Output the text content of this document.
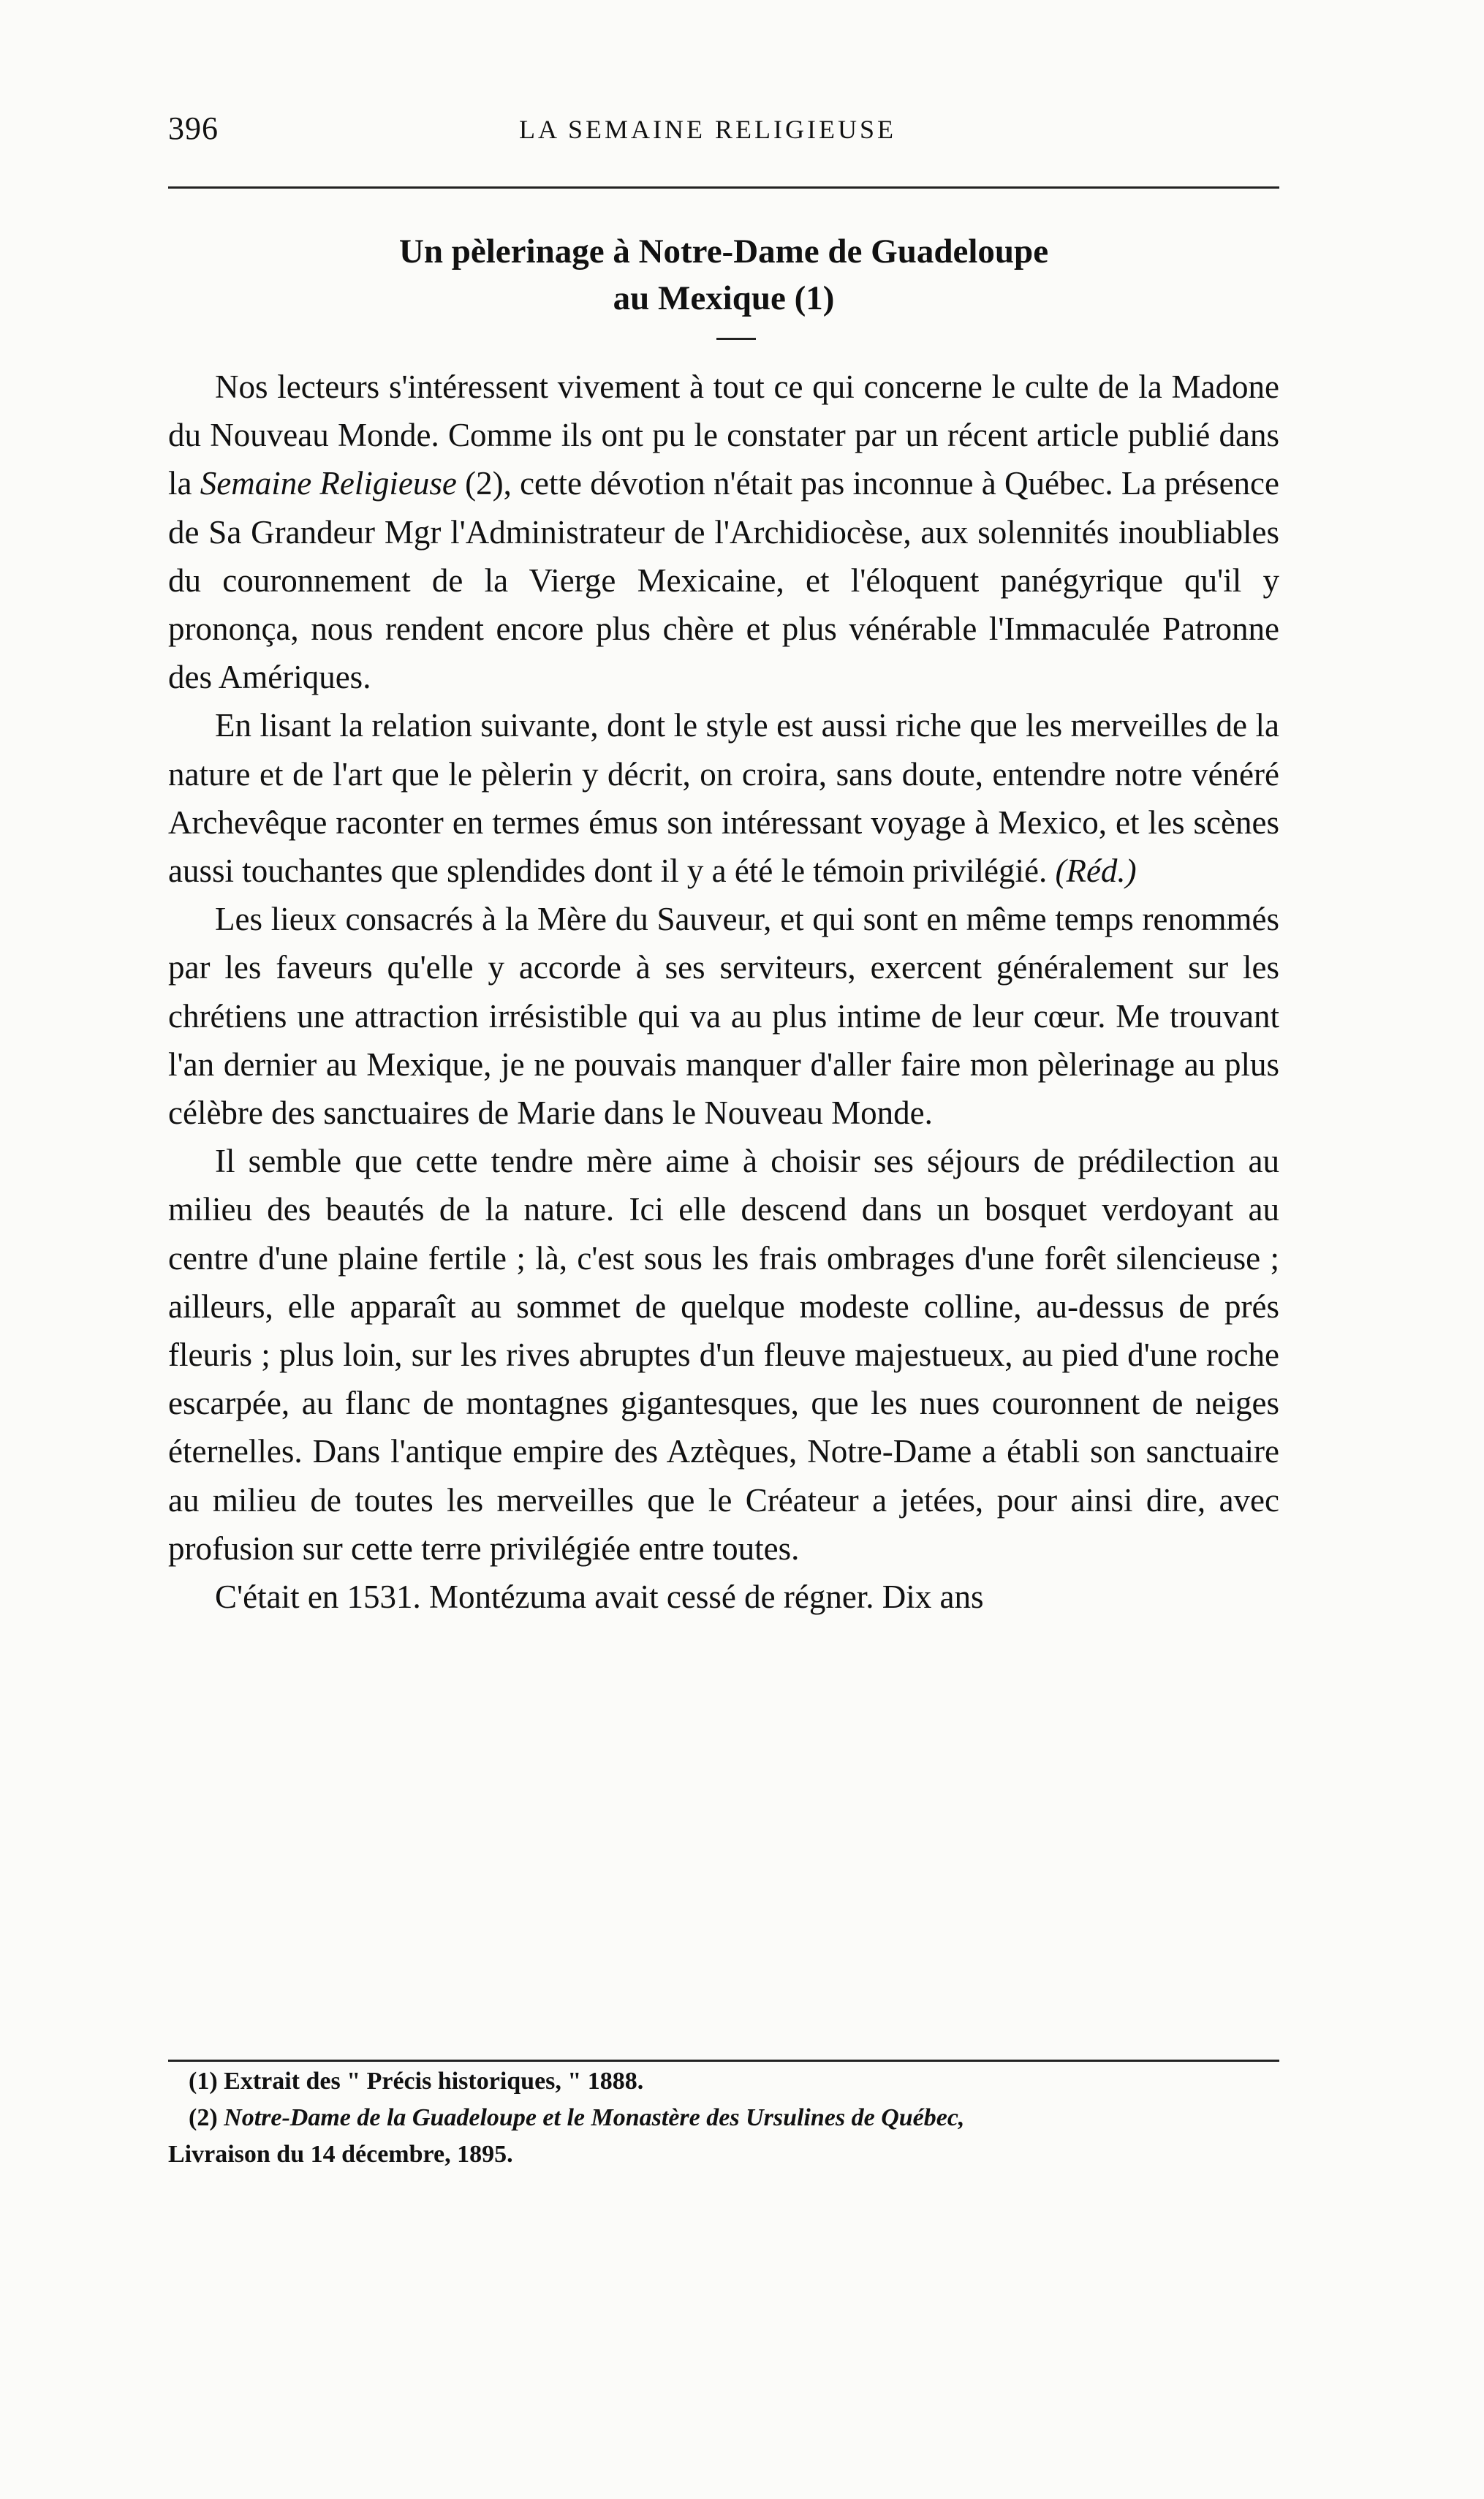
396	LA SEMAINE RELIGIEUSE
Un pèlerinage à Notre-Dame de Guadeloupe
au Mexique (1)

Nos lecteurs s'intéressent vivement à tout ce qui concerne le culte de la Madone du Nouveau Monde. Comme ils ont pu le constater par un récent article publié dans la Semaine Religieuse (2), cette dévotion n'était pas inconnue à Québec. La présence de Sa Grandeur Mgr l'Administrateur de l'Archidiocèse, aux solennités inoubliables du couronnement de la Vierge Mexicaine, et l'éloquent panégyrique qu'il y prononça, nous rendent encore plus chère et plus vénérable l'Immaculée Patronne des Amériques.

En lisant la relation suivante, dont le style est aussi riche que les merveilles de la nature et de l'art que le pèlerin y décrit, on croira, sans doute, entendre notre vénéré Archevêque raconter en termes émus son intéressant voyage à Mexico, et les scènes aussi touchantes que splendides dont il y a été le témoin privilégié. (Réd.)

Les lieux consacrés à la Mère du Sauveur, et qui sont en même temps renommés par les faveurs qu'elle y accorde à ses serviteurs, exercent généralement sur les chrétiens une attraction irrésistible qui va au plus intime de leur cœur. Me trouvant l'an dernier au Mexique, je ne pouvais manquer d'aller faire mon pèlerinage au plus célèbre des sanctuaires de Marie dans le Nouveau Monde.

Il semble que cette tendre mère aime à choisir ses séjours de prédilection au milieu des beautés de la nature. Ici elle descend dans un bosquet verdoyant au centre d'une plaine fertile ; là, c'est sous les frais ombrages d'une forêt silencieuse ; ailleurs, elle apparaît au sommet de quelque modeste colline, au-dessus de prés fleuris ; plus loin, sur les rives abruptes d'un fleuve majestueux, au pied d'une roche escarpée, au flanc de montagnes gigantesques, que les nues couronnent de neiges éternelles. Dans l'antique empire des Aztèques, Notre-Dame a établi son sanctuaire au milieu de toutes les merveilles que le Créateur a jetées, pour ainsi dire, avec profusion sur cette terre privilégiée entre toutes.

C'était en 1531. Montézuma avait cessé de régner. Dix ans

(1) Extrait des " Précis historiques, " 1888.

(2) Notre-Dame de la Guadeloupe et le Monastère des Ursulines de Québec,
Livraison du 14 décembre, 1895.
